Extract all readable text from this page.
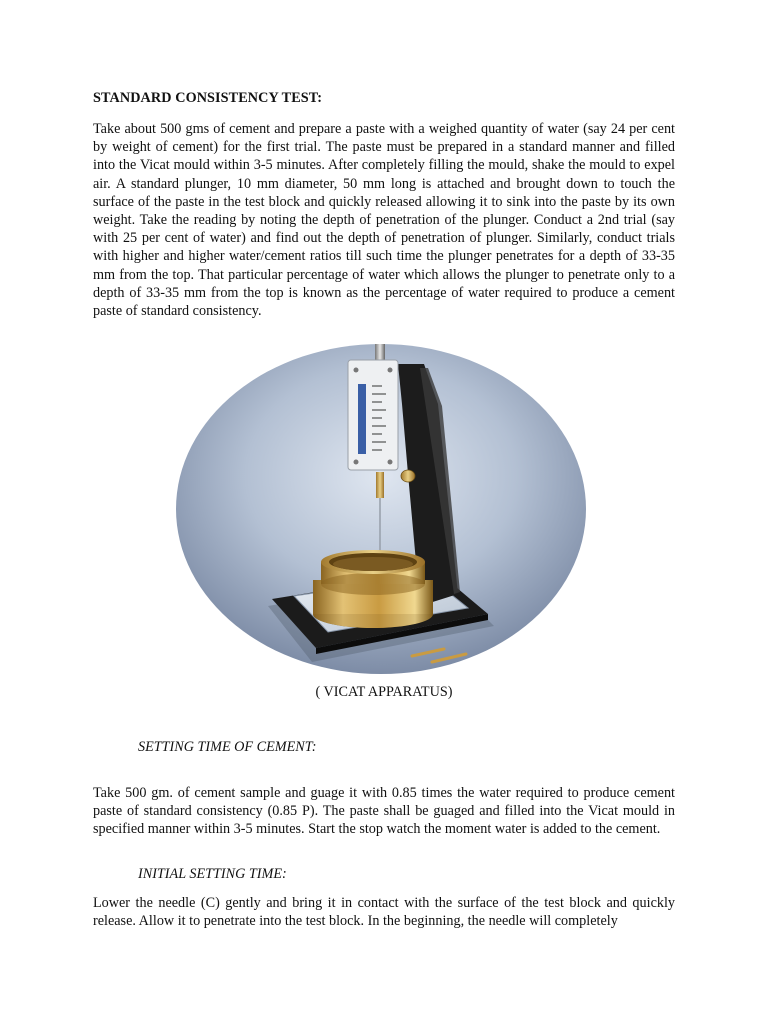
STANDARD CONSISTENCY TEST:

Take about 500 gms of cement and prepare a paste with a weighed quantity of water (say 24 per cent by weight of cement) for the first trial. The paste must be prepared in a standard manner and filled into the Vicat mould within 3-5 minutes. After completely filling the mould, shake the mould to expel air. A standard plunger, 10 mm diameter, 50 mm long is attached and brought down to touch the surface of the paste in the test block and quickly released allowing it to sink into the paste by its own weight. Take the reading by noting the depth of penetration of the plunger. Conduct a 2nd trial (say with 25 per cent of water) and find out the depth of penetration of plunger. Similarly, conduct trials with higher and higher water/cement ratios till such time the plunger penetrates for a depth of 33-35 mm from the top. That particular percentage of water which allows the plunger to penetrate only to a depth of 33-35 mm from the top is known as the percentage of water required to produce a cement paste of standard consistency.

( VICAT APPARATUS)
SETTING TIME OF CEMENT:

Take 500 gm. of cement sample and guage it with 0.85 times the water required to produce cement paste of standard consistency (0.85 P). The paste shall be guaged and filled into the Vicat mould in specified manner within 3-5 minutes. Start the stop watch the moment water is added to the cement.

INITIAL SETTING TIME:

Lower the needle (C) gently and bring it in contact with the surface of the test block and quickly release. Allow it to penetrate into the test block. In the beginning, the needle will completely
